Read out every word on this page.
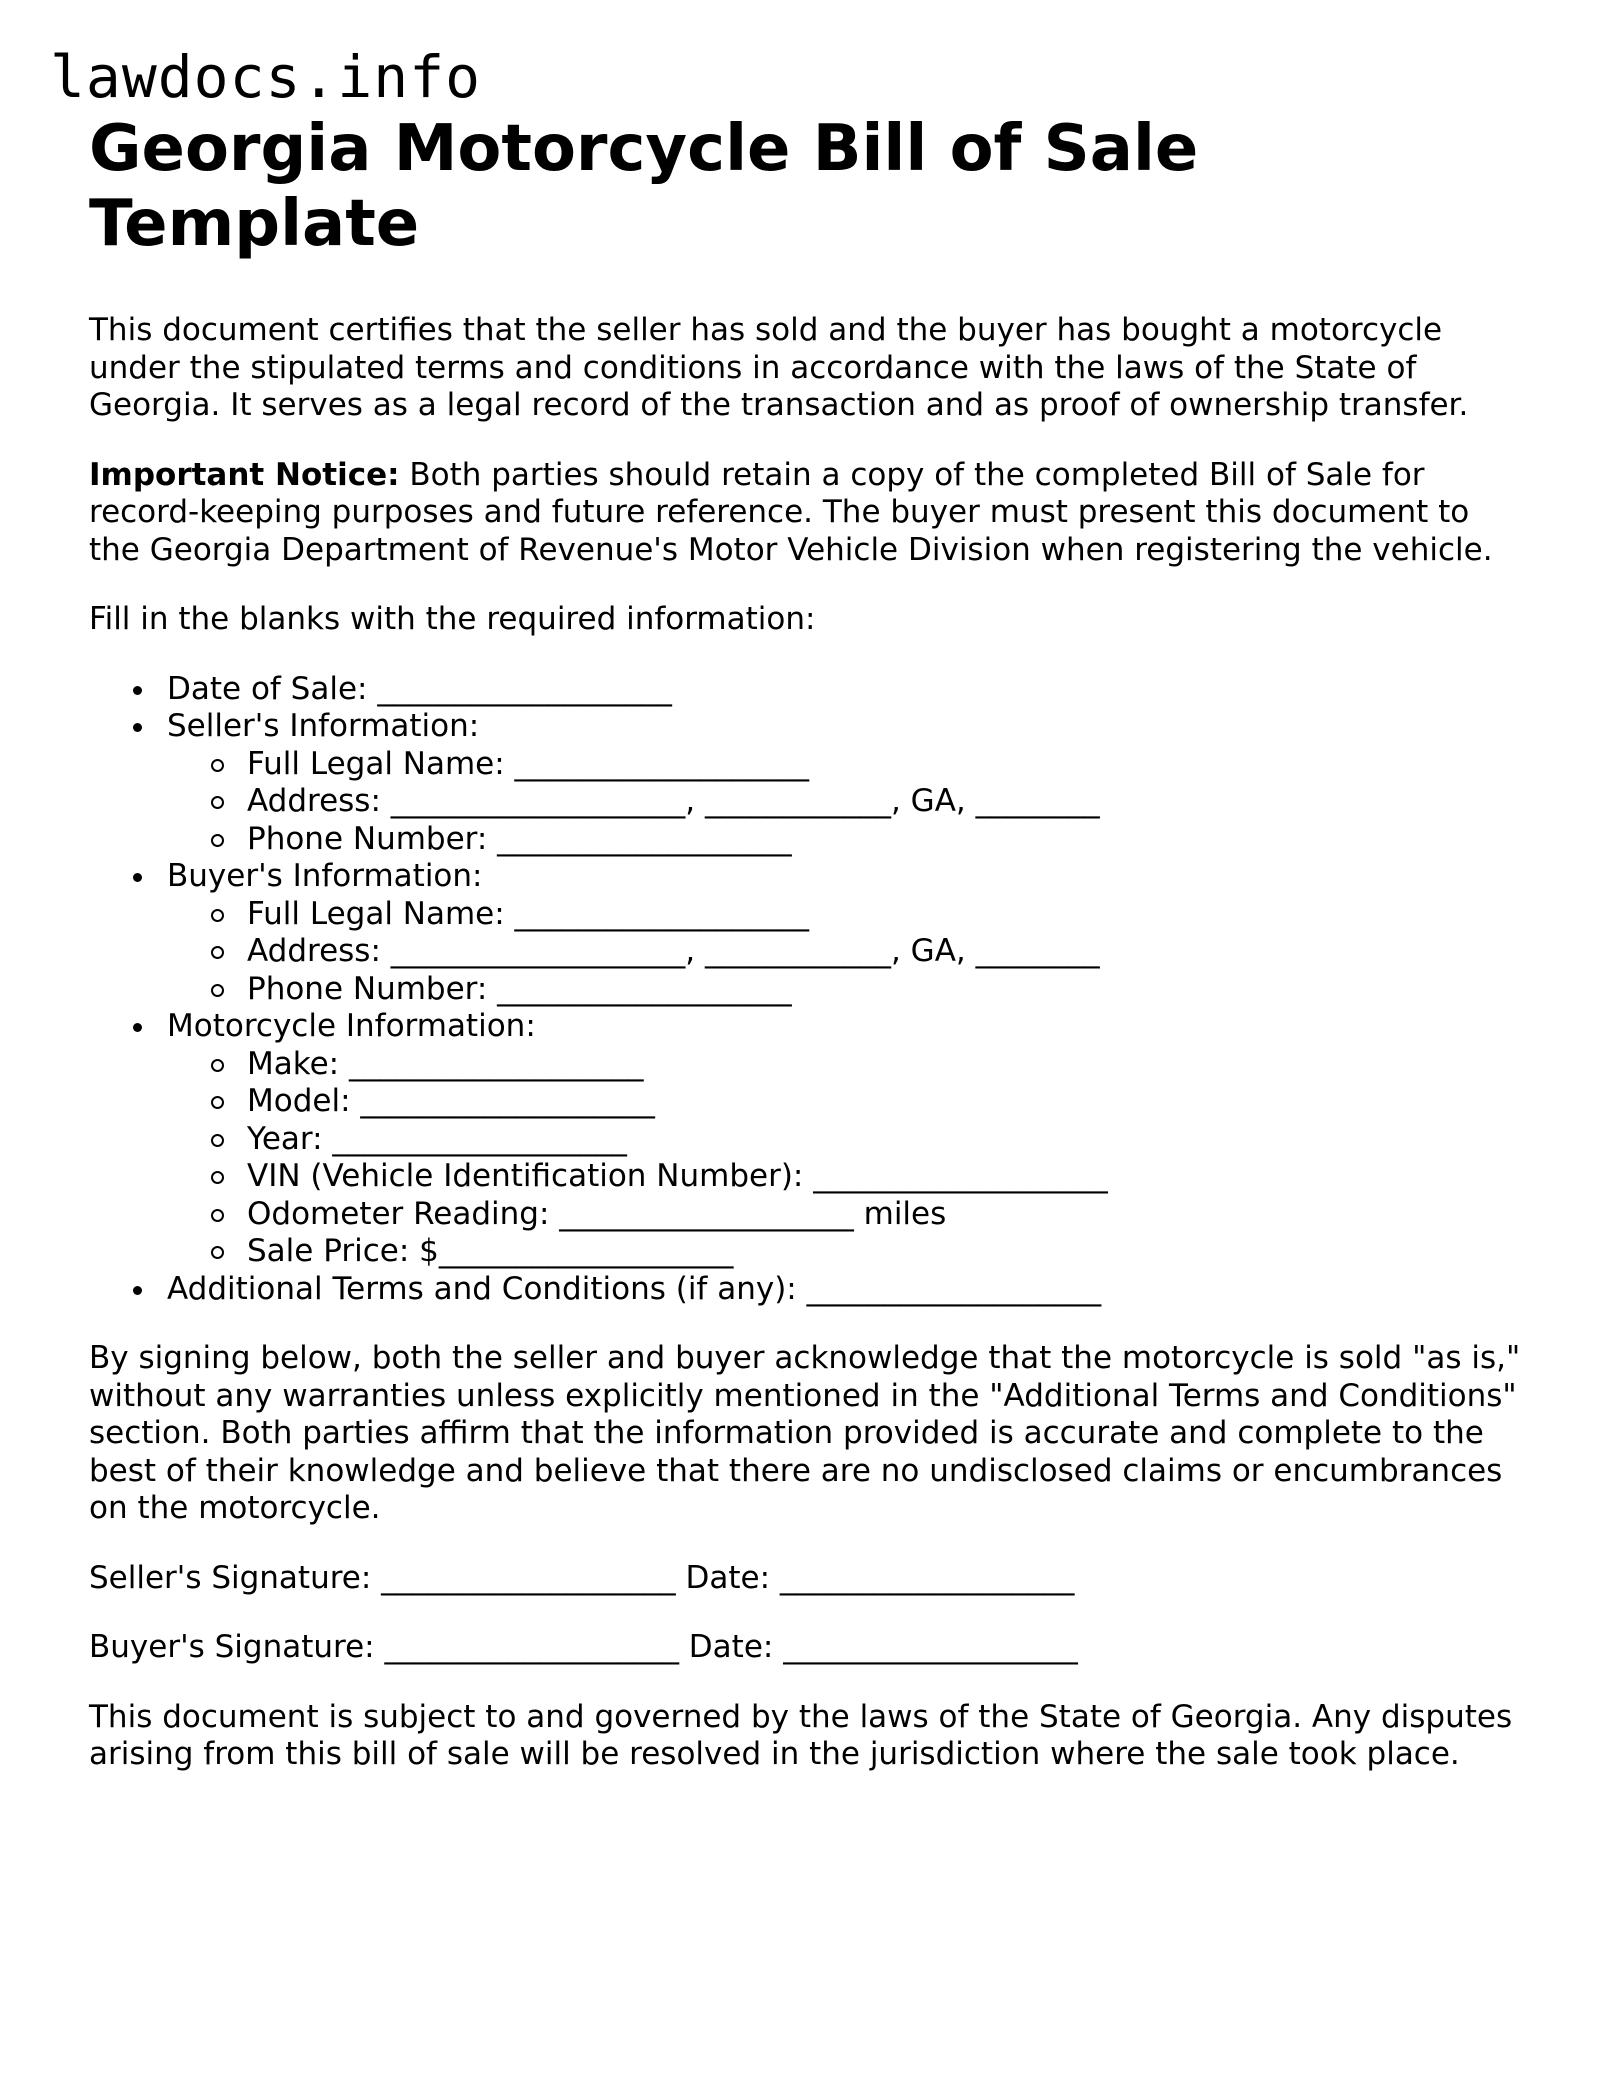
lawdocs.info
Georgia Motorcycle Bill of Sale Template

This document certifies that the seller has sold and the buyer has bought a motorcycle under the stipulated terms and conditions in accordance with the laws of the State of Georgia. It serves as a legal record of the transaction and as proof of ownership transfer.

Important Notice: Both parties should retain a copy of the completed Bill of Sale for record-keeping purposes and future reference. The buyer must present this document to the Georgia Department of Revenue's Motor Vehicle Division when registering the vehicle.

Fill in the blanks with the required information:

Date of Sale: ___________________
Seller's Information:
Full Legal Name: ___________________
Address: ___________________, ____________, GA, ________
Phone Number: ___________________
Buyer's Information:
Full Legal Name: ___________________
Address: ___________________, ____________, GA, ________
Phone Number: ___________________
Motorcycle Information:
Make: ___________________
Model: ___________________
Year: ___________________
VIN (Vehicle Identification Number): ___________________
Odometer Reading: ___________________ miles
Sale Price: $___________________
Additional Terms and Conditions (if any): ___________________

By signing below, both the seller and buyer acknowledge that the motorcycle is sold "as is," without any warranties unless explicitly mentioned in the "Additional Terms and Conditions" section. Both parties affirm that the information provided is accurate and complete to the best of their knowledge and believe that there are no undisclosed claims or encumbrances on the motorcycle.

Seller's Signature: ___________________ Date: ___________________

Buyer's Signature: ___________________ Date: ___________________

This document is subject to and governed by the laws of the State of Georgia. Any disputes arising from this bill of sale will be resolved in the jurisdiction where the sale took place.
